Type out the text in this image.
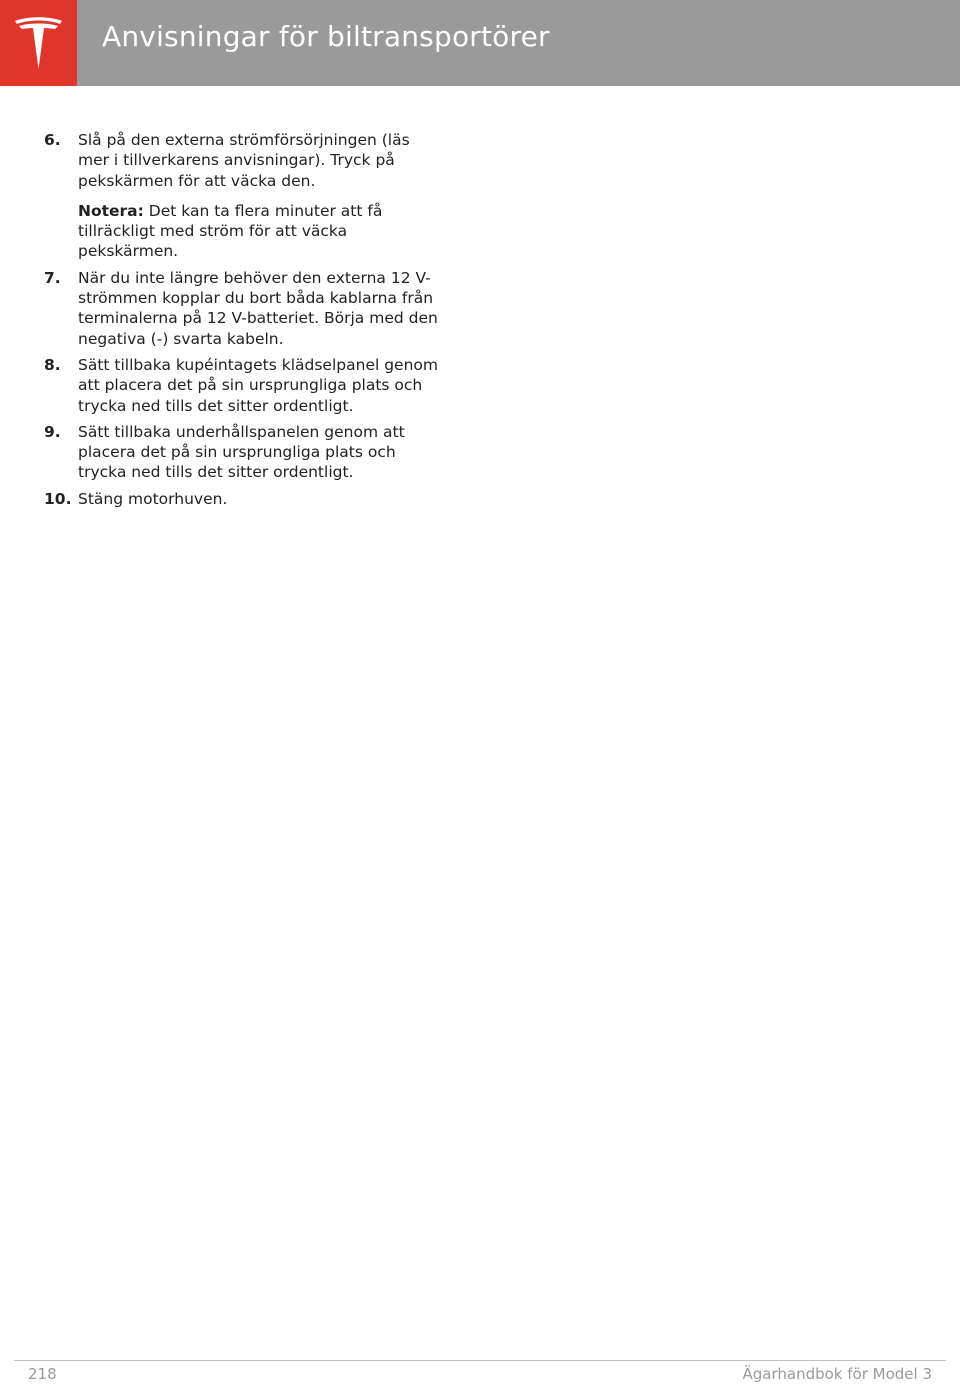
Anvisningar för biltransportörer
6.	Slå på den externa strömförsörjningen (läs mer i tillverkarens anvisningar). Tryck på pekskärmen för att väcka den.

Notera: Det kan ta flera minuter att få tillräckligt med ström för att väcka pekskärmen.

7.	När du inte längre behöver den externa 12 V-strömmen kopplar du bort båda kablarna från terminalerna på 12 V-batteriet. Börja med den negativa (-) svarta kabeln.

8.	Sätt tillbaka kupéintagets klädselpanel genom att placera det på sin ursprungliga plats och trycka ned tills det sitter ordentligt.

9.	Sätt tillbaka underhållspanelen genom att placera det på sin ursprungliga plats och trycka ned tills det sitter ordentligt.

10. Stäng motorhuven.

218	Ägarhandbok för Model 3
